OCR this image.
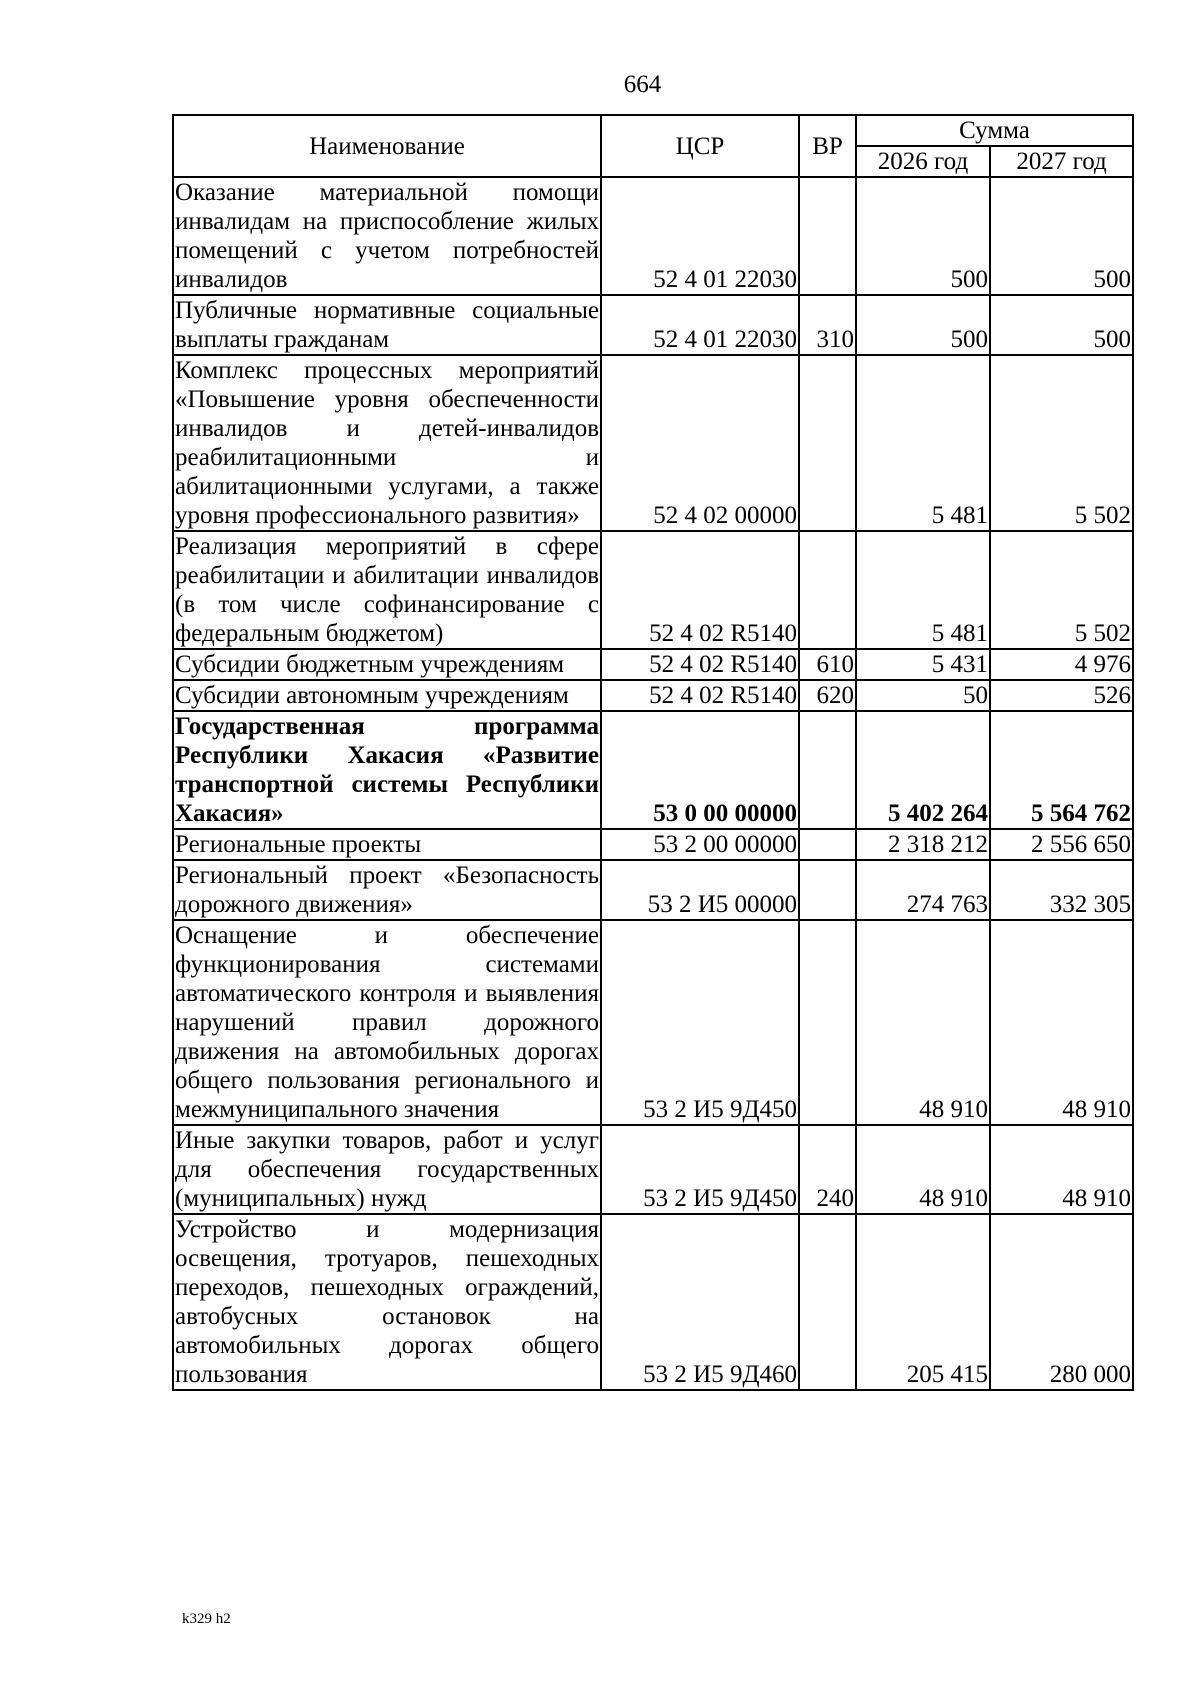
664
Наименование	ЦСР	ВР	Сумма	
			2026 год	2027 год
Оказание материальной помощи инвалидам на приспособление жилых помещений с учетом потребностей инвалидов	52 4 01 22030		500	500
Публичные нормативные социальные выплаты гражданам	52 4 01 22030	310	500	500
Комплекс процессных мероприятий «Повышение уровня обеспеченности инвалидов и детей-инвалидов реабилитационными и абилитационными услугами, а также уровня профессионального развития»	52 4 02 00000		5 481	5 502
Реализация мероприятий в сфере реабилитации и абилитации инвалидов (в том числе софинансирование с федеральным бюджетом)	52 4 02 R5140		5 481	5 502
Субсидии бюджетным учреждениям	52 4 02 R5140	610	5 431	4 976
Субсидии автономным учреждениям	52 4 02 R5140	620	50	526
Государственная программа Республики Хакасия «Развитие транспортной системы Республики Хакасия»	53 0 00 00000		5 402 264	5 564 762
Региональные проекты	53 2 00 00000		2 318 212	2 556 650
Региональный проект «Безопасность дорожного движения»	53 2 И5 00000		274 763	332 305
Оснащение и обеспечение функционирования системами автоматического контроля и выявления нарушений правил дорожного движения на автомобильных дорогах общего пользования регионального и межмуниципального значения	53 2 И5 9Д450		48 910	48 910
Иные закупки товаров, работ и услуг для обеспечения государственных (муниципальных) нужд	53 2 И5 9Д450	240	48 910	48 910
Устройство и модернизация освещения, тротуаров, пешеходных переходов, пешеходных ограждений, автобусных остановок на автомобильных дорогах общего пользования	53 2 И5 9Д460		205 415	280 000
k329 h2
